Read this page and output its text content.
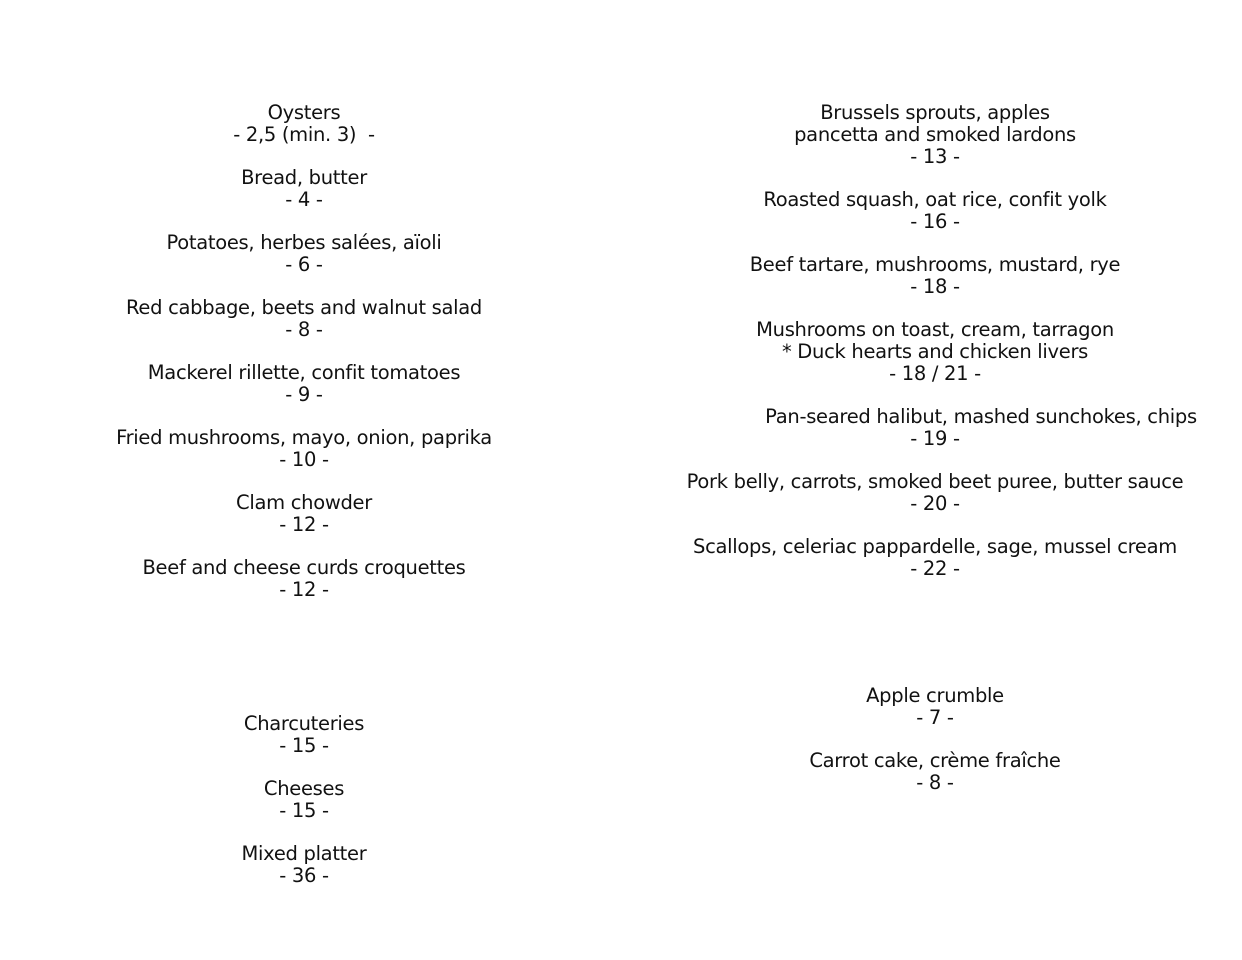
Oysters
- 2,5 (min. 3)  -
Bread, butter
- 4 -
Potatoes, herbes salées, aïoli
- 6 -
Red cabbage, beets and walnut salad
- 8 -
Mackerel rillette, confit tomatoes
- 9 -
Fried mushrooms, mayo, onion, paprika
- 10 -
Clam chowder
- 12 -
Beef and cheese curds croquettes
- 12 -
Charcuteries
- 15 -
Cheeses
- 15 -
Mixed platter
- 36 -
Brussels sprouts, apples
pancetta and smoked lardons
- 13 -
Roasted squash, oat rice, confit yolk
- 16 -
Beef tartare, mushrooms, mustard, rye
- 18 -
Mushrooms on toast, cream, tarragon
* Duck hearts and chicken livers
- 18 / 21 -
Pan-seared halibut, mashed sunchokes, chips
- 19 -
Pork belly, carrots, smoked beet puree, butter sauce
- 20 -
Scallops, celeriac pappardelle, sage, mussel cream
- 22 -
Apple crumble
- 7 -
Carrot cake, crème fraîche
- 8 -
